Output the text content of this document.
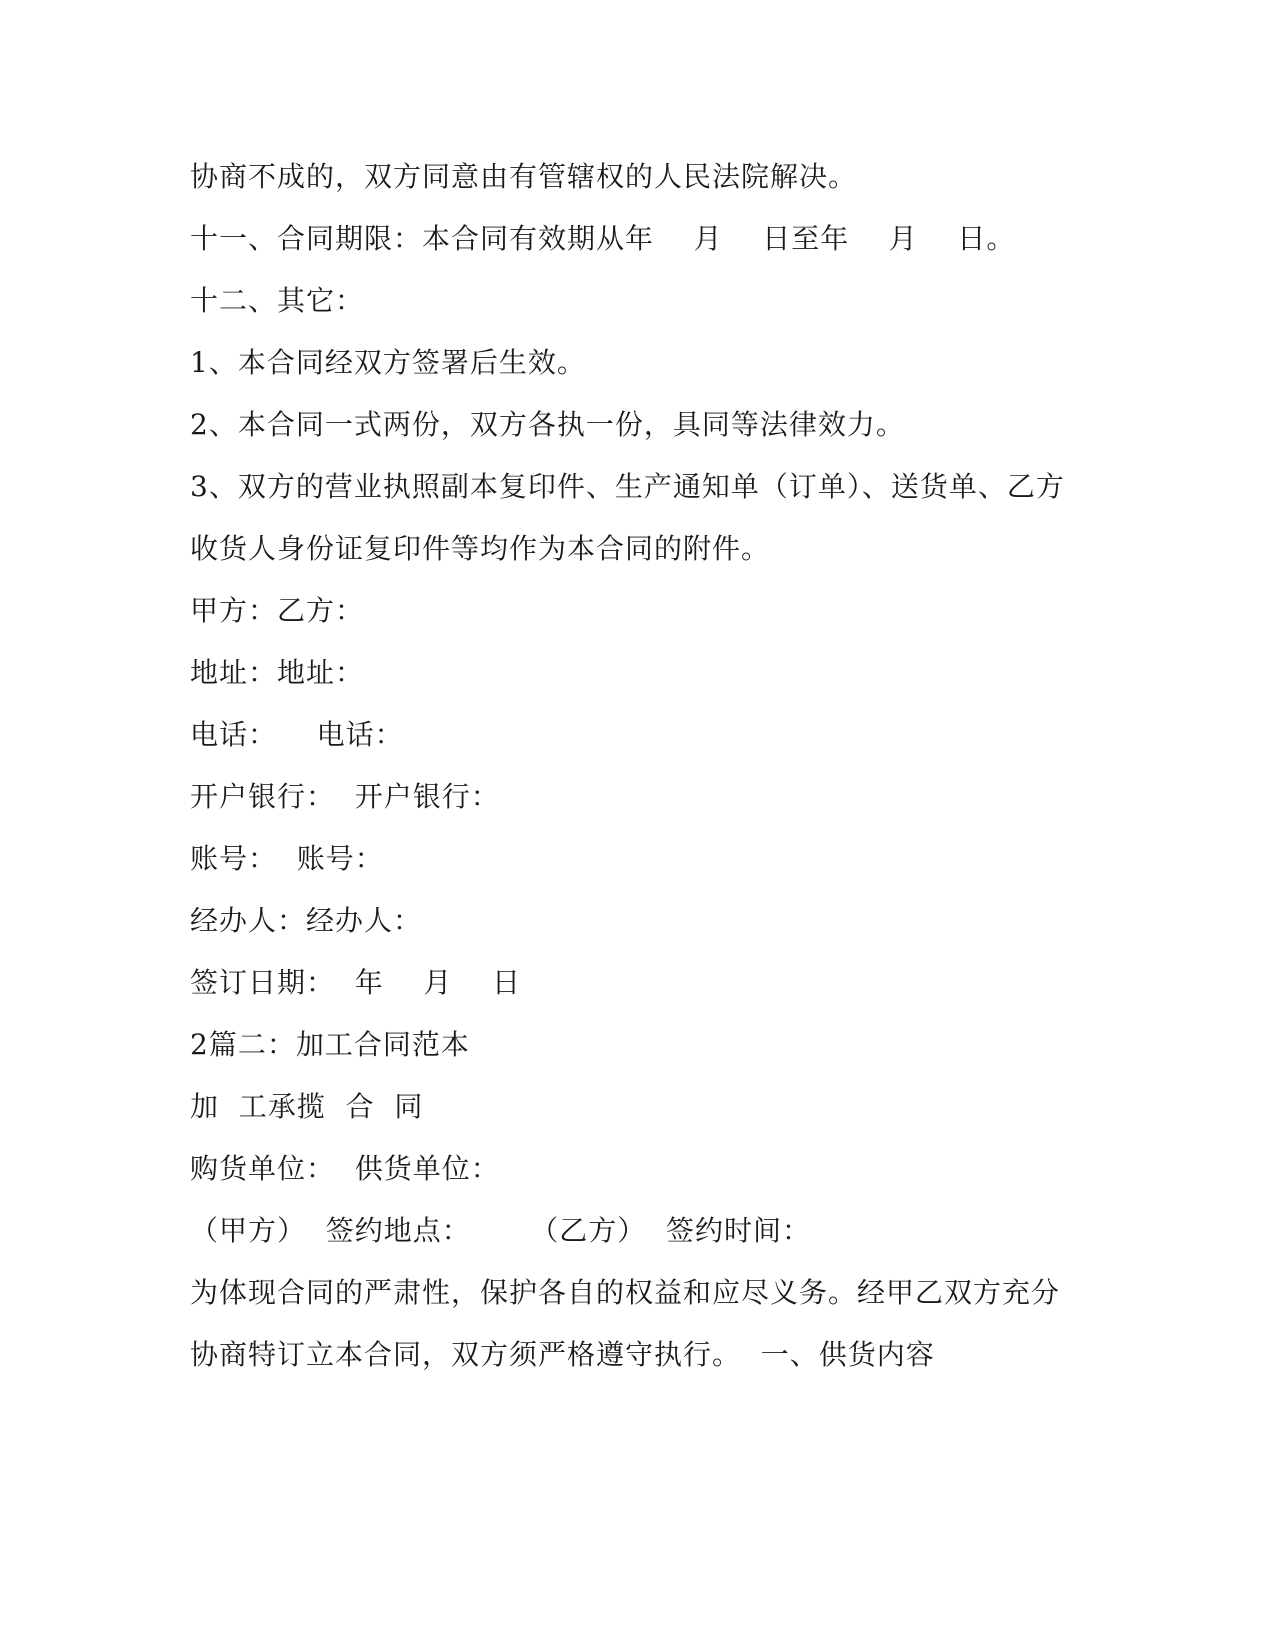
协商不成的，双方同意由有管辖权的人民法院解决。
十一、合同期限：本合同有效期从年    月    日至年    月    日。
十二、其它：
1、本合同经双方签署后生效。
2、本合同一式两份，双方各执一份，具同等法律效力。
3、双方的营业执照副本复印件、生产通知单（订单）、送货单、乙方
收货人身份证复印件等均作为本合同的附件。
甲方：乙方：
地址：地址：
电话：    电话：
开户银行：  开户银行：
账号：  账号：
经办人：经办人：
签订日期：  年    月    日
2篇二：加工合同范本
加  工承揽  合  同
购货单位：  供货单位：
（甲方）  签约地点：      （乙方）  签约时间：
为体现合同的严肃性，保护各自的权益和应尽义务。经甲乙双方充分
协商特订立本合同，双方须严格遵守执行。  一、供货内容
